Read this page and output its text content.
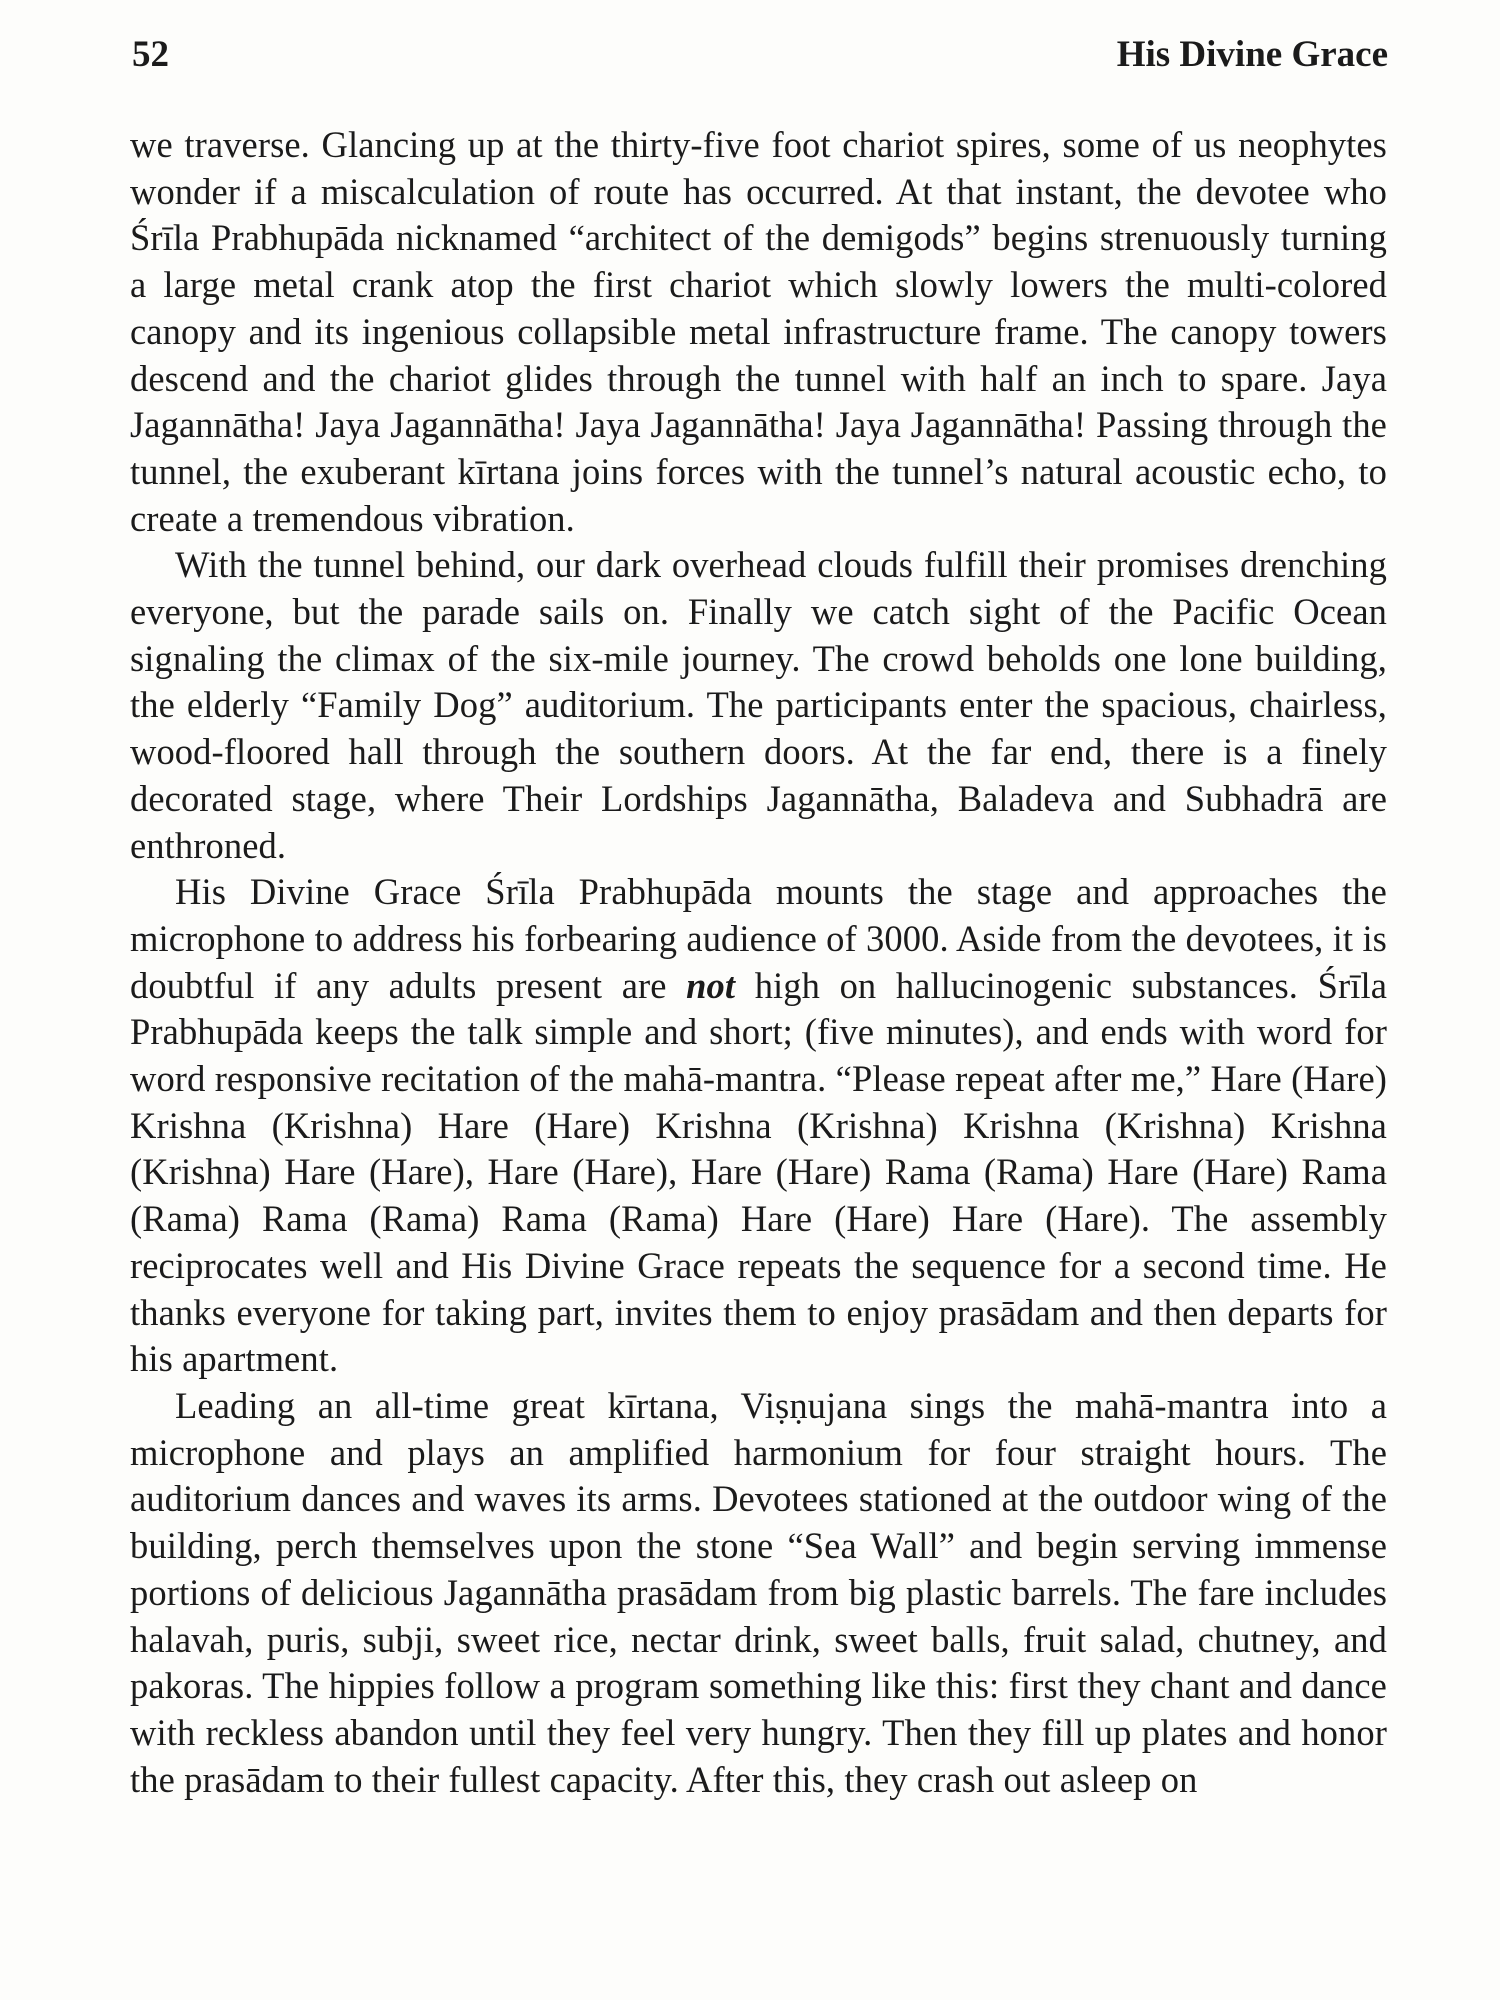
52	His Divine Grace

we traverse. Glancing up at the thirty-five foot chariot spires, some of us neophytes wonder if a miscalculation of route has occurred. At that instant, the devotee who Śrīla Prabhupāda nicknamed “architect of the demigods” begins strenuously turning a large metal crank atop the first chariot which slowly lowers the multi-colored canopy and its ingenious collapsible metal infrastructure frame. The canopy towers descend and the chariot glides through the tunnel with half an inch to spare. Jaya Jagannātha! Jaya Jagannātha! Jaya Jagannātha! Jaya Jagannātha! Passing through the tunnel, the exuberant kīrtana joins forces with the tunnel’s natural acoustic echo, to create a tremendous vibration.

With the tunnel behind, our dark overhead clouds fulfill their promises drenching everyone, but the parade sails on. Finally we catch sight of the Pacific Ocean signaling the climax of the six-mile journey. The crowd beholds one lone building, the elderly “Family Dog” auditorium. The participants enter the spacious, chairless, wood-floored hall through the southern doors. At the far end, there is a finely decorated stage, where Their Lordships Jagannātha, Baladeva and Subhadrā are enthroned.

His Divine Grace Śrīla Prabhupāda mounts the stage and approaches the microphone to address his forbearing audience of 3000. Aside from the devotees, it is doubtful if any adults present are not high on hallucinogenic substances. Śrīla Prabhupāda keeps the talk simple and short; (five minutes), and ends with word for word responsive recitation of the mahā-mantra. “Please repeat after me,” Hare (Hare) Krishna (Krishna) Hare (Hare) Krishna (Krishna) Krishna (Krishna) Krishna (Krishna) Hare (Hare), Hare (Hare), Hare (Hare) Rama (Rama) Hare (Hare) Rama (Rama) Rama (Rama) Rama (Rama) Hare (Hare) Hare (Hare). The assembly reciprocates well and His Divine Grace repeats the sequence for a second time. He thanks everyone for taking part, invites them to enjoy prasādam and then departs for his apartment.

Leading an all-time great kīrtana, Viṣṇujana sings the mahā-mantra into a microphone and plays an amplified harmonium for four straight hours. The auditorium dances and waves its arms. Devotees stationed at the outdoor wing of the building, perch themselves upon the stone “Sea Wall” and begin serving immense portions of delicious Jagannātha prasādam from big plastic barrels. The fare includes halavah, puris, subji, sweet rice, nectar drink, sweet balls, fruit salad, chutney, and pakoras. The hippies follow a program something like this: first they chant and dance with reckless abandon until they feel very hungry. Then they fill up plates and honor the prasādam to their fullest capacity. After this, they crash out asleep on
